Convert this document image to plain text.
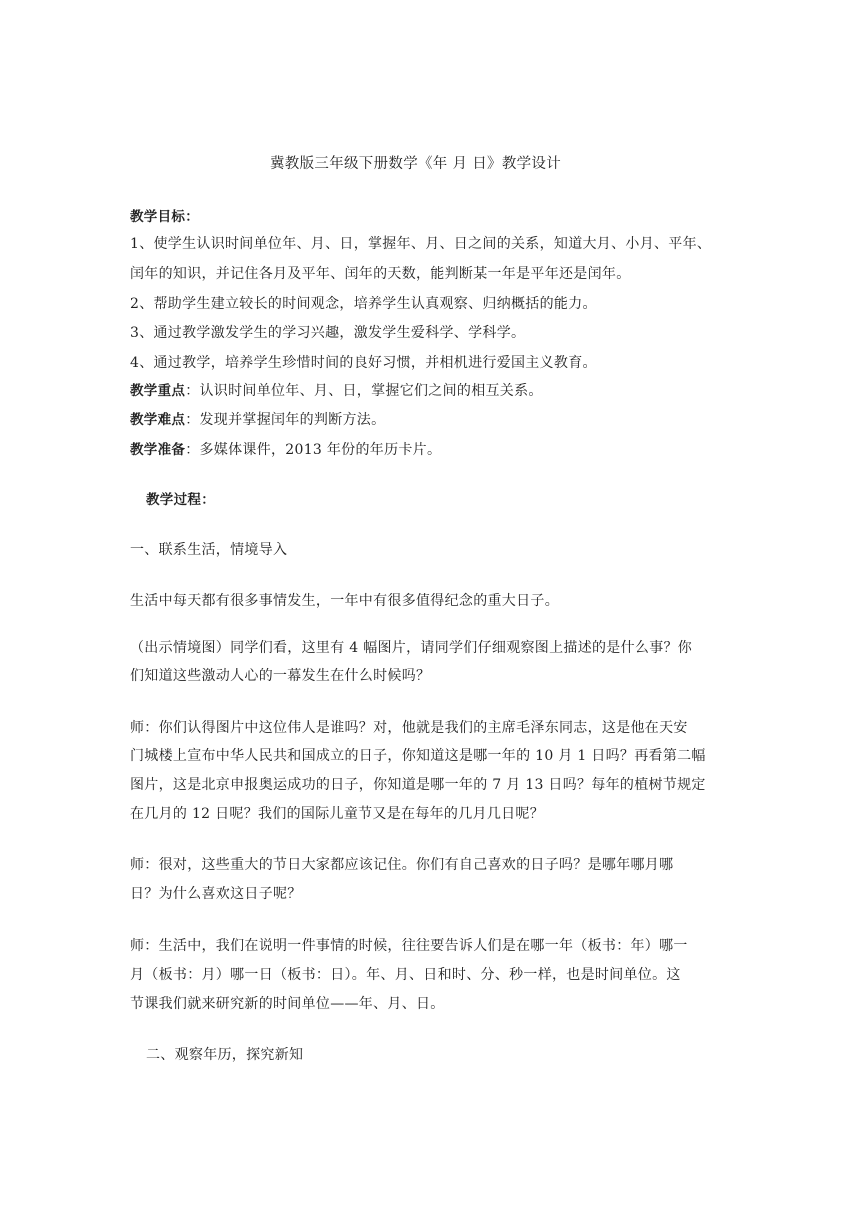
冀教版三年级下册数学《年 月 日》教学设计
教学目标：
1、使学生认识时间单位年、月、日，掌握年、月、日之间的关系，知道大月、小月、平年、
闰年的知识，并记住各月及平年、闰年的天数，能判断某一年是平年还是闰年。
2、帮助学生建立较长的时间观念，培养学生认真观察、归纳概括的能力。
3、通过教学激发学生的学习兴趣，激发学生爱科学、学科学。
4、通过教学，培养学生珍惜时间的良好习惯，并相机进行爱国主义教育。
教学重点：认识时间单位年、月、日，掌握它们之间的相互关系。
教学难点：发现并掌握闰年的判断方法。
教学准备：多媒体课件，2013 年份的年历卡片。
教学过程：
一、联系生活，情境导入
生活中每天都有很多事情发生，一年中有很多值得纪念的重大日子。
（出示情境图）同学们看，这里有 4 幅图片，请同学们仔细观察图上描述的是什么事？你
们知道这些激动人心的一幕发生在什么时候吗？
师：你们认得图片中这位伟人是谁吗？对，他就是我们的主席毛泽东同志，这是他在天安
门城楼上宣布中华人民共和国成立的日子，你知道这是哪一年的 10 月 1 日吗？再看第二幅
图片，这是北京申报奥运成功的日子，你知道是哪一年的 7 月 13 日吗？每年的植树节规定
在几月的 12 日呢？我们的国际儿童节又是在每年的几月几日呢？
师：很对，这些重大的节日大家都应该记住。你们有自己喜欢的日子吗？是哪年哪月哪
日？为什么喜欢这日子呢？
师：生活中，我们在说明一件事情的时候，往往要告诉人们是在哪一年（板书：年）哪一
月（板书：月）哪一日（板书：日）。年、月、日和时、分、秒一样，也是时间单位。这
节课我们就来研究新的时间单位——年、月、日。
二、观察年历，探究新知
